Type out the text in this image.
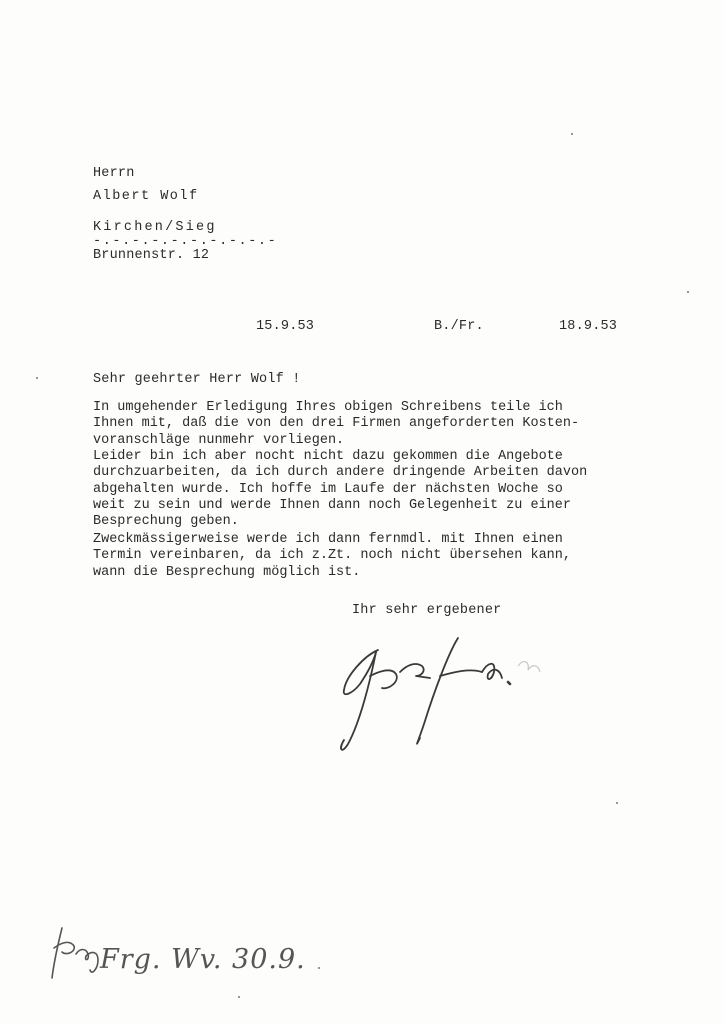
Herrn
Albert Wolf
Kirchen/Sieg
-.-.-.-.-.-.-.-.-.-
Brunnenstr. 12
15.9.53	B./Fr.	18.9.53
Sehr geehrter Herr Wolf !
In umgehender Erledigung Ihres obigen Schreibens teile ich
Ihnen mit, daß die von den drei Firmen angeforderten Kosten-
voranschläge nunmehr vorliegen.
Leider bin ich aber nocht nicht dazu gekommen die Angebote
durchzuarbeiten, da ich durch andere dringende Arbeiten davon
abgehalten wurde. Ich hoffe im Laufe der nächsten Woche so
weit zu sein und werde Ihnen dann noch Gelegenheit zu einer
Besprechung geben.
Zweckmässigerweise werde ich dann fernmdl. mit Ihnen einen
Termin vereinbaren, da ich z.Zt. noch nicht übersehen kann,
wann die Besprechung möglich ist.
Ihr sehr ergebener
Frg. Wv. 30.9.
